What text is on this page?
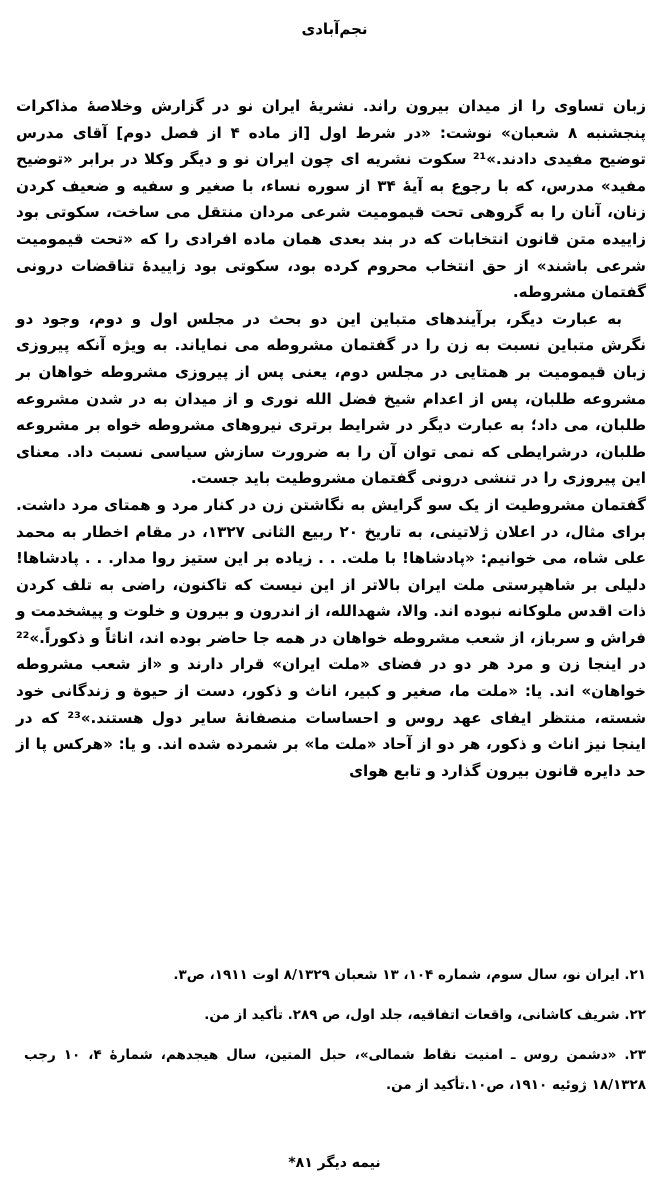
نجم‌آبادی

زبان تساوی را از میدان بیرون راند. نشریهٔ ایران نو در گزارش وخلاصهٔ مذاکرات پنجشنبه ۸ شعبان» نوشت: «در شرط اول [از ماده ۴ از فصل دوم] آقای مدرس توضیح مفیدی دادند.»²¹ سکوت نشریه ای چون ایران نو و دیگر وکلا در برابر «توضیح مفید» مدرس، که با رجوع به آیهٔ ۳۴ از سوره نساء، با صغیر و سفیه و ضعیف کردن زنان، آنان را به گروهی تحت قیمومیت شرعی مردان منتقل می ساخت، سکوتی بود زاییده متن قانون انتخابات که در بند بعدی همان ماده افرادی را که «تحت قیمومیت شرعی باشند» از حق انتخاب محروم کرده بود، سکوتی بود زاییدهٔ تناقضات درونی گفتمان مشروطه.

به عبارت دیگر، برآیندهای متباین این دو بحث در مجلس اول و دوم، وجود دو نگرش متباین نسبت به زن را در گفتمان مشروطه می نمایاند. به ویژه آنکه پیروزی زبان قیمومیت بر همتایی در مجلس دوم، یعنی پس از پیروزی مشروطه خواهان بر مشروعه طلبان، پس از اعدام شیخ فضل الله نوری و از میدان به در شدن مشروعه طلبان، می داد؛ به عبارت دیگر در شرایط برتری نیروهای مشروطه خواه بر مشروعه طلبان، درشرایطی که نمی توان آن را به ضرورت سازش سیاسی نسبت داد. معنای این پیروزی را در تنشی درونی گفتمان مشروطیت باید جست.

گفتمان مشروطیت از یک سو گرایش به نگاشتن زن در کنار مرد و همتای مرد داشت. برای مثال، در اعلان ژلاتینی، به تاریخ ۲۰ ربیع الثانی ۱۳۲۷، در مقام اخطار به محمد علی شاه، می خوانیم: «پادشاها! با ملت. . . زیاده بر این ستیز روا مدار. . . پادشاها! دلیلی بر شاهپرستی ملت ایران بالاتر از این نیست که تاکنون، راضی به تلف کردن ذات اقدس ملوکانه نبوده اند. والا، شهدالله، از اندرون و بیرون و خلوت و پیشخدمت و فراش و سرباز، از شعب مشروطه خواهان در همه جا حاضر بوده اند، اناثاً و ذکوراً.»²² در اینجا زن و مرد هر دو در فضای «ملت ایران» قرار دارند و «از شعب مشروطه خواهان» اند. یا: «ملت ما، صغیر و کبیر، اناث و ذکور، دست از حیوة و زندگانی خود شسته، منتظر ایفای عهد روس و احساسات منصفانهٔ سایر دول هستند.»²³ که در اینجا نیز اناث و ذکور، هر دو از آحاد «ملت ما» بر شمرده شده اند. و یا: «هرکس پا از حد دایره قانون بیرون گذارد و تابع هوای

۲۱. ایران نو، سال سوم، شماره ۱۰۴، ۱۳ شعبان ۸/۱۳۲۹ اوت ۱۹۱۱، ص۳.

۲۲. شریف کاشانی، واقعات اتفاقیه، جلد اول، ص ۲۸۹. تأکید از من.

۲۳. «دشمن روس ـ امنیت نقاط شمالی»، حبل المتین، سال هیجدهم، شمارهٔ ۴، ۱۰ رجب ۱۸/۱۳۲۸ ژوئیه ۱۹۱۰، ص۱۰.تأکید از من.

نیمه دیگر ۸۱*
